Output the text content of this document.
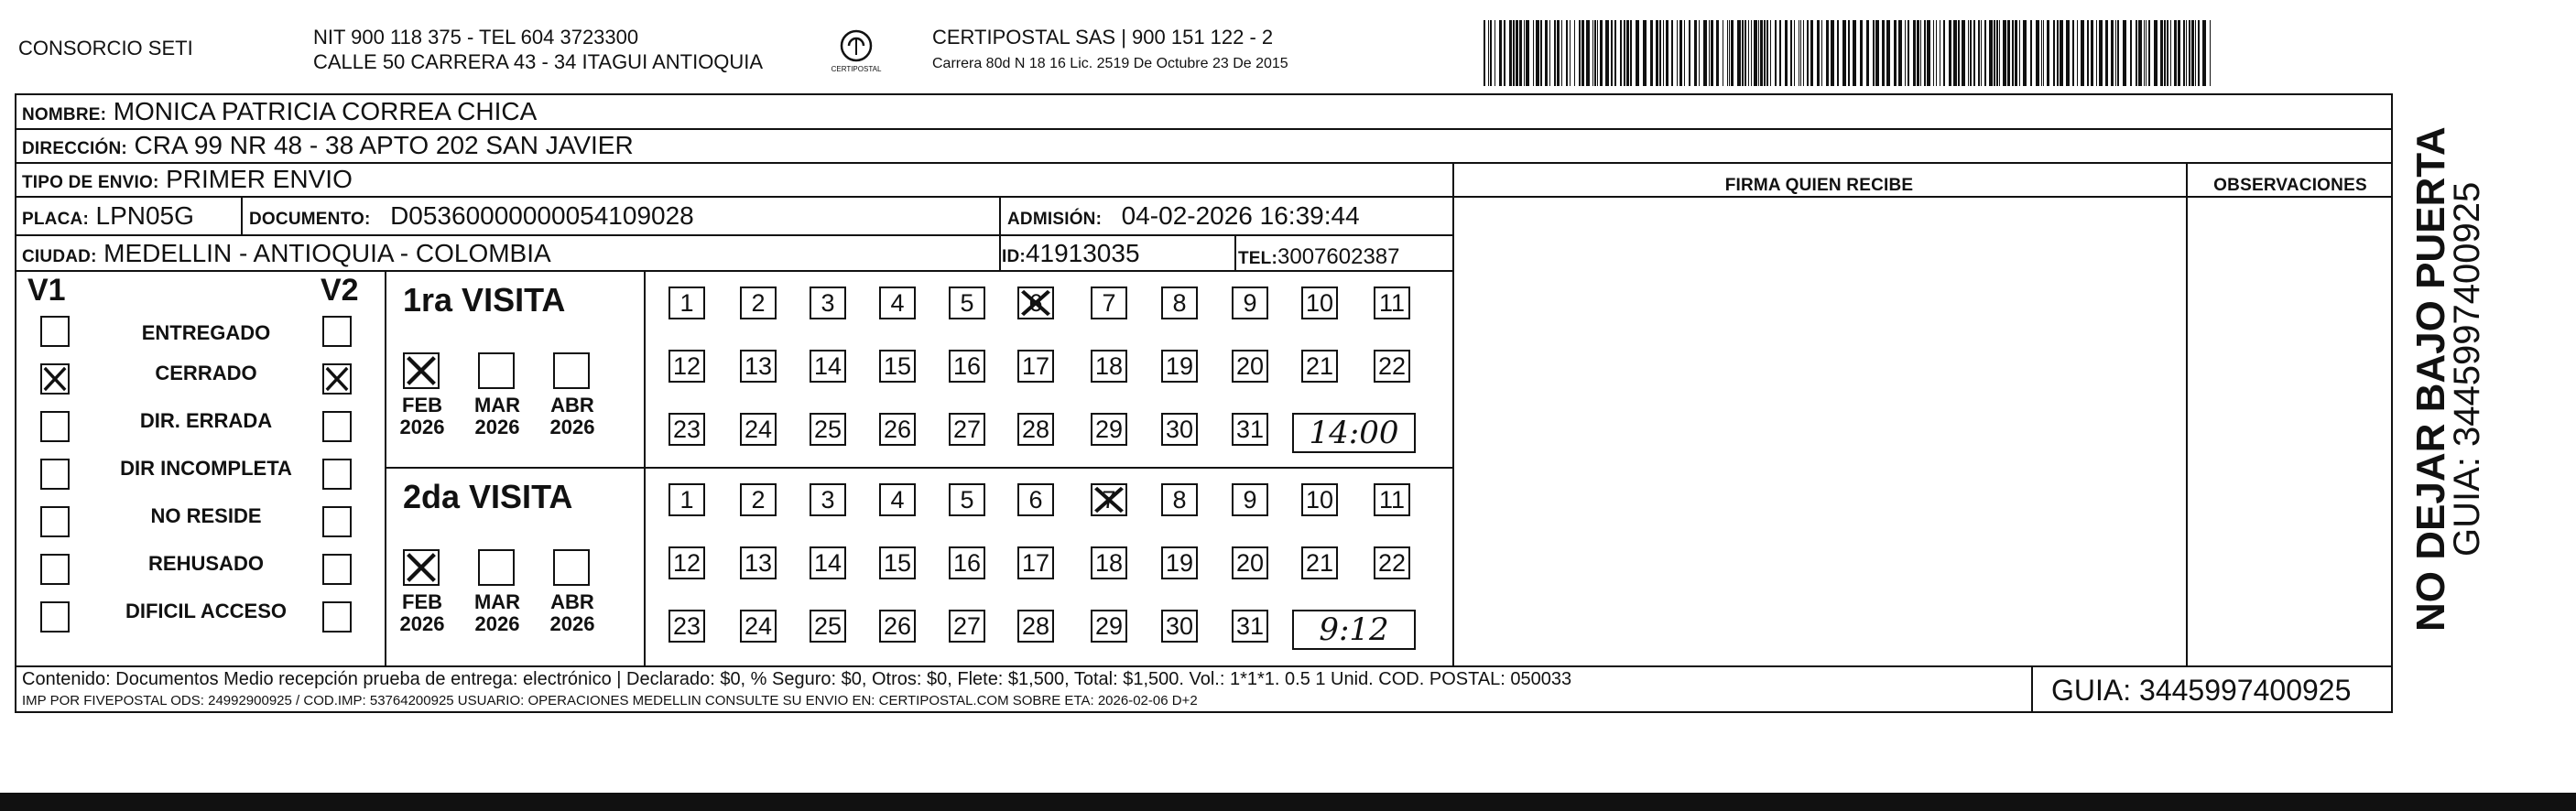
CONSORCIO SETI	NIT 900 118 375 - TEL 604 3723300
CALLE 50 CARRERA 43 - 34 ITAGUI ANTIOQUIA	CERTIPOSTAL
CERTIPOSTAL SAS | 900 151 122 - 2
Carrera 80d N 18 16 Lic. 2519 De Octubre 23 De 2015
NOMBRE: MONICA PATRICIA CORREA CHICA
DIRECCIÓN: CRA 99 NR 48 - 38 APTO 202 SAN JAVIER
TIPO DE ENVIO: PRIMER ENVIO	FIRMA QUIEN RECIBE	OBSERVACIONES
PLACA: LPN05G	DOCUMENTO: D05360000000054109028	ADMISIÓN: 04-02-2026 16:39:44
CIUDAD: MEDELLIN - ANTIOQUIA - COLOMBIA	ID:41913035	TEL:3007602387
V1	V2
ENTREGADO
CERRADO
DIR. ERRADA
DIR INCOMPLETA
NO RESIDE
REHUSADO
DIFICIL ACCESO
1ra VISITA
FEB
2026
MAR
2026
ABR
2026
1	2	3	4	5	6	7	8	9	10 11
12 13 14 15 16 17 18 19 20 21 22
23 24 25 26 27 28 29 30 31	14:00
2da VISITA
FEB
2026
MAR
2026
ABR
2026
1	2	3	4	5	6	7	8	9	10 11
12 13 14 15 16 17 18 19 20 21 22
23 24 25 26 27 28 29 30 31	9:12
Contenido: Documentos Medio recepción prueba de entrega: electrónico | Declarado: $0, % Seguro: $0, Otros: $0, Flete: $1,500, Total: $1,500. Vol.: 1*1*1. 0.5 1 Unid. COD. POSTAL: 050033
IMP POR FIVEPOSTAL ODS: 24992900925 / COD.IMP: 53764200925 USUARIO: OPERACIONES MEDELLIN CONSULTE SU ENVIO EN: CERTIPOSTAL.COM SOBRE ETA: 2026-02-06 D+2	GUIA: 3445997400925
NO DEJAR BAJO PUERTA
GUIA: 3445997400925
